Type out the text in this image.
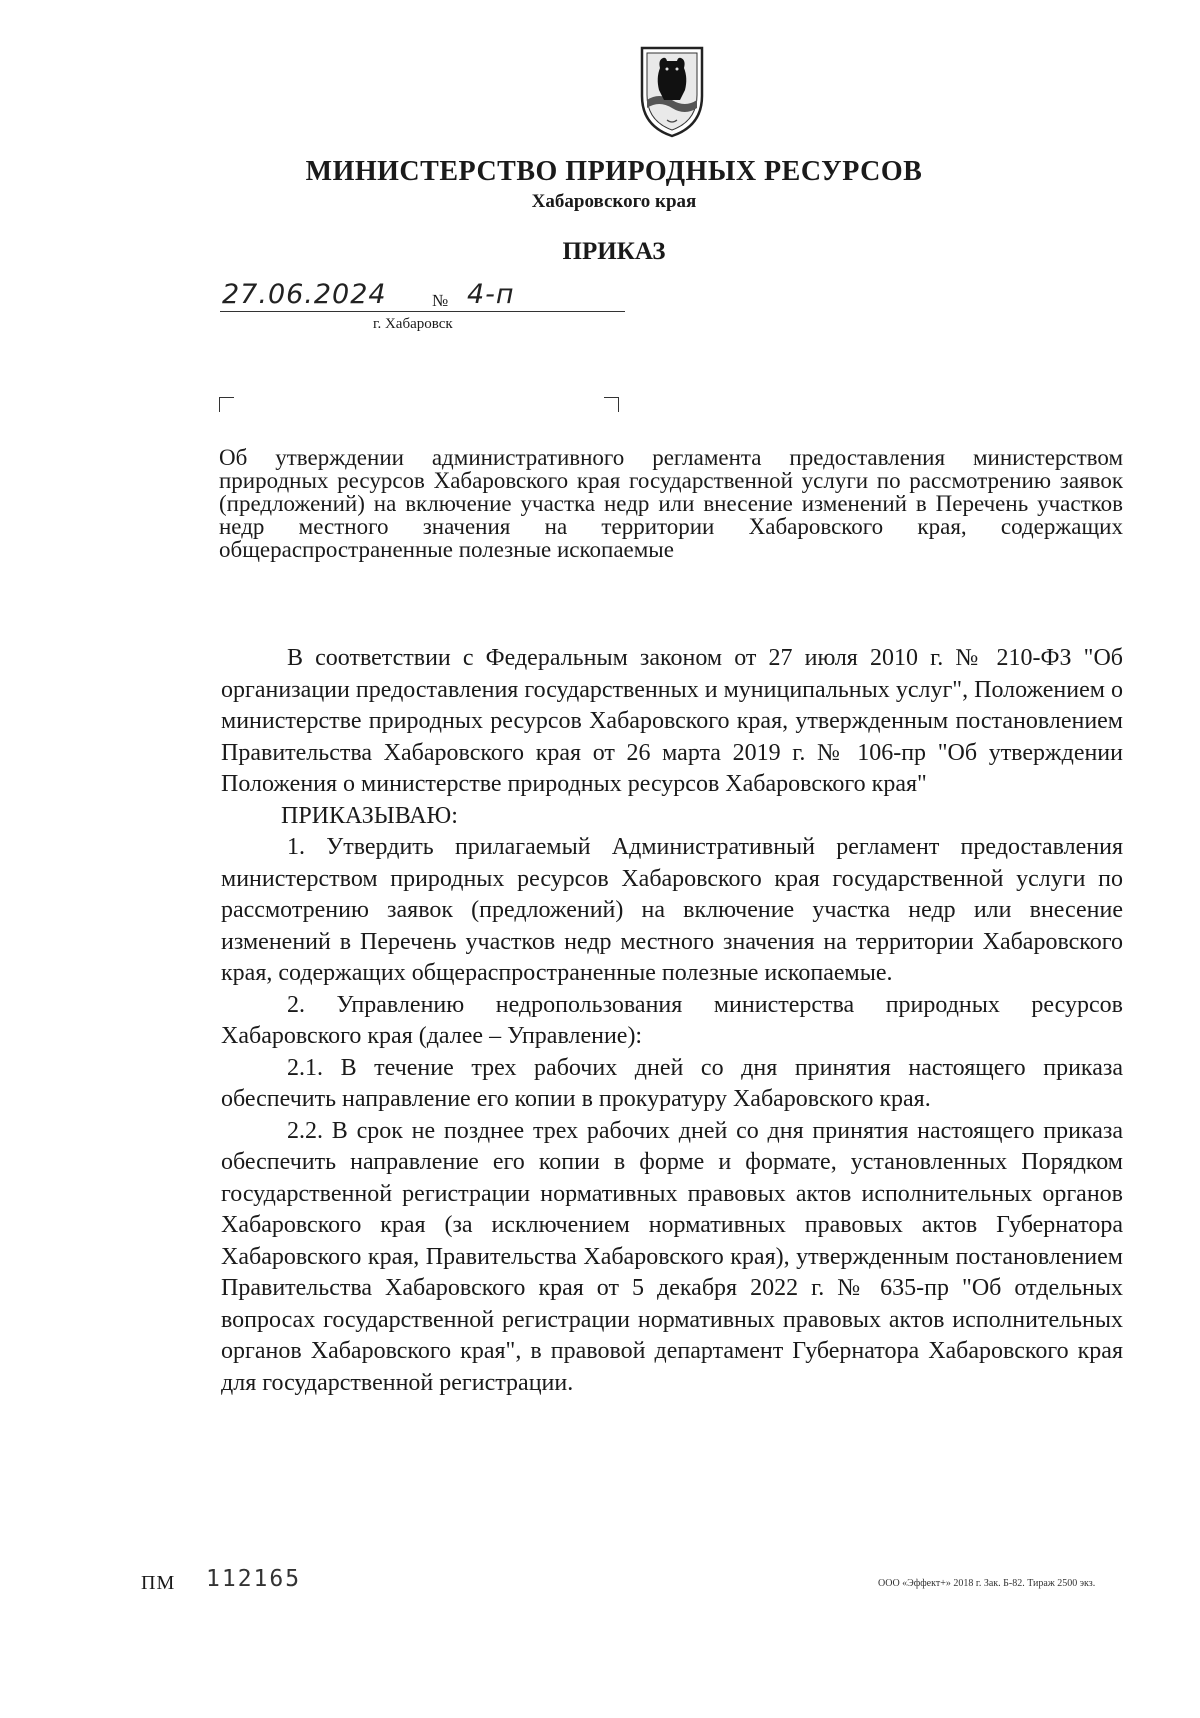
МИНИСТЕРСТВО ПРИРОДНЫХ РЕСУРСОВ
Хабаровского края
ПРИКАЗ
27.06.2024	№ 4-п
г. Хабаровск
Об утверждении административного регламента предоставления министерством природных ресурсов Хабаровского края государственной услуги по рассмотрению заявок (предложений) на включение участка недр или внесение изменений в Перечень участков недр местного значения на территории Хабаровского края, содержащих общераспространенные полезные ископаемые

В соответствии с Федеральным законом от 27 июля 2010 г. № 210-ФЗ "Об организации предоставления государственных и муниципальных услуг", Положением о министерстве природных ресурсов Хабаровского края, утвержденным постановлением Правительства Хабаровского края от 26 марта 2019 г. № 106-пр "Об утверждении Положения о министерстве природных ресурсов Хабаровского края"

ПРИКАЗЫВАЮ:

1. Утвердить прилагаемый Административный регламент предоставления министерством природных ресурсов Хабаровского края государственной услуги по рассмотрению заявок (предложений) на включение участка недр или внесение изменений в Перечень участков недр местного значения на территории Хабаровского края, содержащих общераспространенные полезные ископаемые.

2. Управлению недропользования министерства природных ресурсов Хабаровского края (далее – Управление):

2.1. В течение трех рабочих дней со дня принятия настоящего приказа обеспечить направление его копии в прокуратуру Хабаровского края.

2.2. В срок не позднее трех рабочих дней со дня принятия настоящего приказа обеспечить направление его копии в форме и формате, установленных Порядком государственной регистрации нормативных правовых актов исполнительных органов Хабаровского края (за исключением нормативных правовых актов Губернатора Хабаровского края, Правительства Хабаровского края), утвержденным постановлением Правительства Хабаровского края от 5 декабря 2022 г. № 635-пр "Об отдельных вопросах государственной регистрации нормативных правовых актов исполнительных органов Хабаровского края", в правовой департамент Губернатора Хабаровского края для государственной регистрации.

ПМ 112165	ООО «Эффект+» 2018 г. Зак. Б-82. Тираж 2500 экз.
